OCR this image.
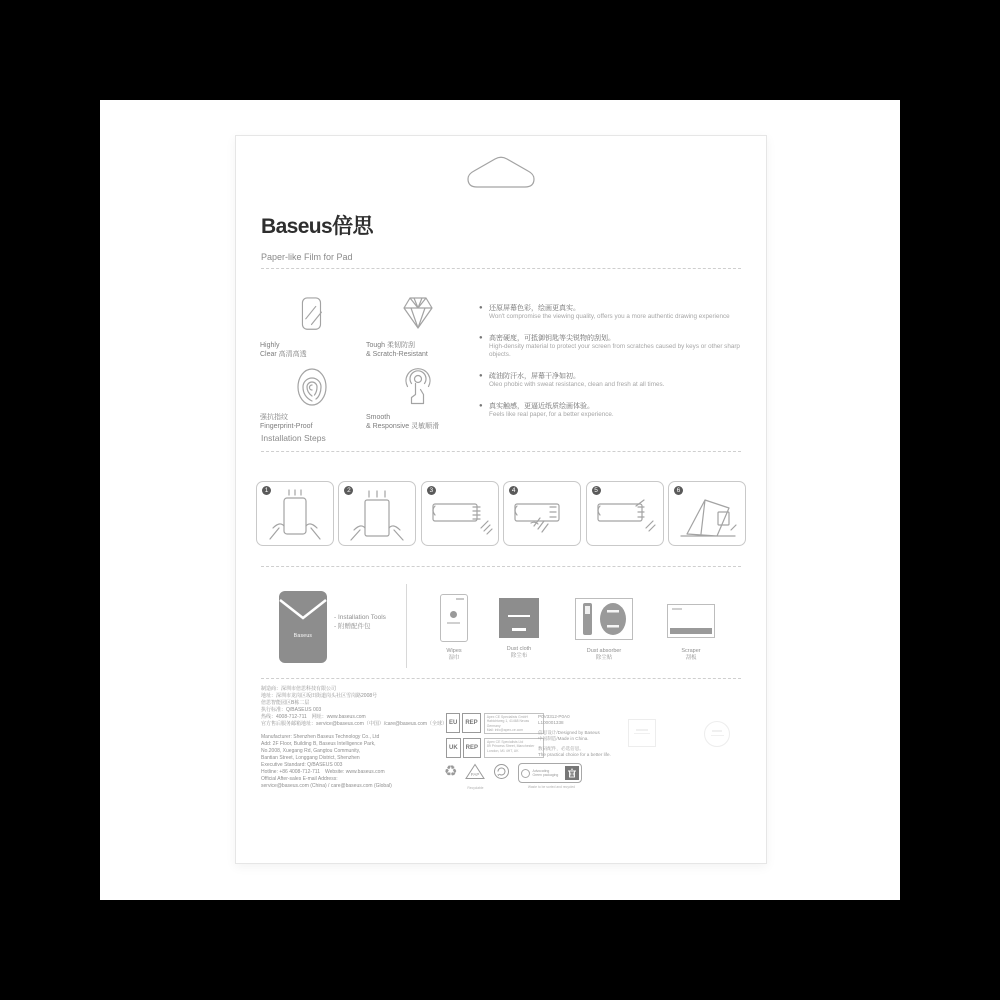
Baseus倍思
Paper-like Film for Pad
Highly
Clear 高清高透
Tough 柔韧防刮
& Scratch-Resistant
强抗指纹
Fingerprint-Proof
Smooth
& Responsive 灵敏顺滑
● 还原屏幕色彩，绘画更真实。
Won't compromise the viewing quality, offers you a more authentic drawing experience
● 高密硬度，可抵御钥匙等尖锐物的刮划。
High-density material to protect your screen from scratches caused by keys or other sharp objects.
● 疏油防汗水，屏幕干净如初。
Oleo phobic with sweat resistance, clean and fresh at all times.
● 真实触感，更逼近纸质绘画体验。
Feels like real paper, for a better experience.
Installation Steps
1	2	3	4	5	6
Baseus
- Installation Tools
- 附赠配件包
Wipes
湿巾
Dust cloth
除尘布
Dust absorber
除尘贴
Scraper
刮板
制造商：深圳市倍思科技有限公司
地址：深圳市龙岗区坂田街道岗头社区雪岗路2008号
倍思智能园区B栋二层
执行标准：Q/BASEUS 003
热线：4008-712-711　网址：www.baseus.com
官方售后服务邮箱地址：service@baseus.com（中国）/care@baseus.com（全球）
Manufacturer: Shenzhen Baseus Technology Co., Ltd
Add: 2F Floor, Building B, Baseus Intelligence Park,
No.2008, Xuegang Rd, Gangtou Community,
Bantian Street, Longgang District, Shenzhen
Executive Standard: Q/BASEUS 003
Hotline: +86 4008-712-711　Website: www.baseus.com
Official After-sales E-mail Address:
service@baseus.com (China) / care@baseus.com (Global)
EU	REP
Apex CE Specialists GmbH
Habichtweg 1, 41468 Neuss
Germany
Mail: info@apex-ce.com
UK	REP
Apex CE Specialists Ltd
89 Princess Street, Manchester
London, M1 4HT, UK
P0V3312-P0A0
L100001338
倍思设计/Designed by Baseus
中国制造/Made in China.
数码配件，必选倍思。
The practical choice for a better life.
♻	PAP
Recyclable
Advocating
Green packaging
Waste to be sorted and recycled
